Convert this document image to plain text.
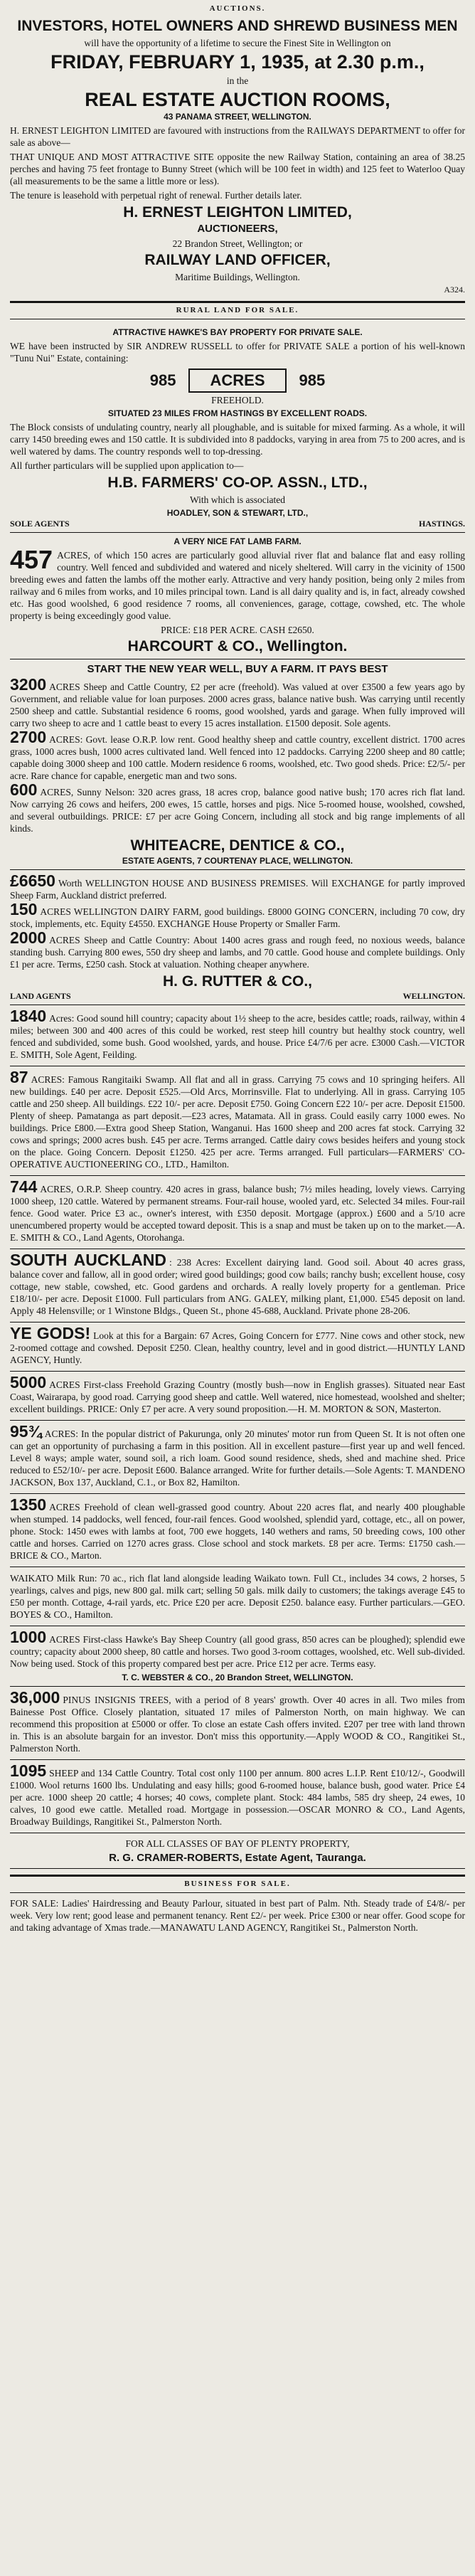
AUCTIONS.
INVESTORS, HOTEL OWNERS AND SHREWD BUSINESS MEN
will have the opportunity of a lifetime to secure the Finest Site in Wellington on
FRIDAY, FEBRUARY 1, 1935, at 2.30 p.m.,
in the
REAL ESTATE AUCTION ROOMS,
43 PANAMA STREET, WELLINGTON.

H. ERNEST LEIGHTON LIMITED are favoured with instructions from the RAILWAYS DEPARTMENT to offer for sale as above—

THAT UNIQUE AND MOST ATTRACTIVE SITE opposite the new Railway Station, containing an area of 38.25 perches and having 75 feet frontage to Bunny Street (which will be 100 feet in width) and 125 feet to Waterloo Quay (all measurements to be the same a little more or less).

The tenure is leasehold with perpetual right of renewal. Further details later.

H. ERNEST LEIGHTON LIMITED,
AUCTIONEERS,
22 Brandon Street, Wellington; or
RAILWAY LAND OFFICER,
Maritime Buildings, Wellington.
A324.
RURAL LAND FOR SALE.
ATTRACTIVE HAWKE'S BAY PROPERTY FOR PRIVATE SALE.

WE have been instructed by SIR ANDREW RUSSELL to offer for PRIVATE SALE a portion of his well-known "Tunu Nui" Estate, containing:

985	ACRES	985
FREEHOLD.
SITUATED 23 MILES FROM HASTINGS BY EXCELLENT ROADS.

The Block consists of undulating country, nearly all ploughable, and is suitable for mixed farming. As a whole, it will carry 1450 breeding ewes and 150 cattle. It is subdivided into 8 paddocks, varying in area from 75 to 200 acres, and is well watered by dams. The country responds well to top-dressing.

All further particulars will be supplied upon application to—

H.B. FARMERS' CO-OP. ASSN., LTD.,
With which is associated
HOADLEY, SON & STEWART, LTD.,
SOLE AGENTS	HASTINGS.
A VERY NICE FAT LAMB FARM.

457 ACRES, of which 150 acres are particularly good alluvial river flat and balance flat and easy rolling country. Well fenced and subdivided and watered and nicely sheltered. Will carry in the vicinity of 1500 breeding ewes and fatten the lambs off the mother early. Attractive and very handy position, being only 2 miles from railway and 6 miles from works, and 10 miles principal town. Land is all dairy quality and is, in fact, already cowshed etc. Has good woolshed, 6 good residence 7 rooms, all conveniences, garage, cottage, cowshed, etc. The whole property is being exceedingly good value.

PRICE: £18 PER ACRE. CASH £2650.
HARCOURT & CO., Wellington.
START THE NEW YEAR WELL, BUY A FARM. IT PAYS BEST

3200 ACRES Sheep and Cattle Country, £2 per acre (freehold). Was valued at over £3500 a few years ago by Government, and reliable value for loan purposes. 2000 acres grass, balance native bush. Was carrying until recently 2500 sheep and cattle. Substantial residence 6 rooms, good woolshed, yards and garage. When fully improved will carry two sheep to acre and 1 cattle beast to every 15 acres installation. £1500 deposit. Sole agents.

2700 ACRES: Govt. lease O.R.P. low rent. Good healthy sheep and cattle country, excellent district. 1700 acres grass, 1000 acres bush, 1000 acres cultivated land. Well fenced into 12 paddocks. Carrying 2200 sheep and 80 cattle; capable doing 3000 sheep and 100 cattle. Modern residence 6 rooms, woolshed, etc. Two good sheds. Price: £2/5/- per acre. Rare chance for capable, energetic man and two sons.

600 ACRES, Sunny Nelson: 320 acres grass, 18 acres crop, balance good native bush; 170 acres rich flat land. Now carrying 26 cows and heifers, 200 ewes, 15 cattle, horses and pigs. Nice 5-roomed house, woolshed, cowshed, and several outbuildings. PRICE: £7 per acre Going Concern, including all stock and big range implements of all kinds.

WHITEACRE, DENTICE & CO.,
ESTATE AGENTS, 7 COURTENAY PLACE, WELLINGTON.

£6650 Worth WELLINGTON HOUSE AND BUSINESS PREMISES. Will EXCHANGE for partly improved Sheep Farm, Auckland district preferred.

150 ACRES WELLINGTON DAIRY FARM, good buildings. £8000 GOING CONCERN, including 70 cow, dry stock, implements, etc. Equity £4550. EXCHANGE House Property or Smaller Farm.

2000 ACRES Sheep and Cattle Country: About 1400 acres grass and rough feed, no noxious weeds, balance standing bush. Carrying 800 ewes, 550 dry sheep and lambs, and 70 cattle. Good house and complete buildings. Only £1 per acre. Terms, £250 cash. Stock at valuation. Nothing cheaper anywhere.

H. G. RUTTER & CO.,
LAND AGENTS	WELLINGTON.

1840 Acres: Good sound hill country; capacity about 1½ sheep to the acre, besides cattle; roads, railway, within 4 miles; between 300 and 400 acres of this could be worked, rest steep hill country but healthy stock country, well fenced and subdivided, some bush. Good woolshed, yards, and house. Price £4/7/6 per acre. £3000 Cash.—VICTOR E. SMITH, Sole Agent, Feilding.

87 ACRES: Famous Rangitaiki Swamp. All flat and all in grass. Carrying 75 cows and 10 springing heifers. All new buildings. £40 per acre. Deposit £525.—Old Arcs, Morrinsville. Flat to underlying. All in grass. Carrying 105 cattle and 250 sheep. All buildings. £22 10/- per acre. Deposit £750. Going Concern £22 10/- per acre. Deposit £1500. Plenty of sheep. Pamatanga as part deposit.—£23 acres, Matamata. All in grass. Could easily carry 1000 ewes. No buildings. Price £800.—Extra good Sheep Station, Wanganui. Has 1600 sheep and 200 acres fat stock. Carrying 32 cows and springs; 2000 acres bush. £45 per acre. Terms arranged. Cattle dairy cows besides heifers and young stock on the place. Going Concern. Deposit £1250. 425 per acre. Terms arranged. Full particulars—FARMERS' CO-OPERATIVE AUCTIONEERING CO., LTD., Hamilton.

744 ACRES, O.R.P. Sheep country. 420 acres in grass, balance bush; 7½ miles heading, lovely views. Carrying 1000 sheep, 120 cattle. Watered by permanent streams. Four-rail house, wooled yard, etc. Selected 34 miles. Four-rail fence. Good water. Price £3 ac., owner's interest, with £350 deposit. Mortgage (approx.) £600 and a 5/10 acre unencumbered property would be accepted toward deposit. This is a snap and must be taken up on to the market.—A. E. SMITH & CO., Land Agents, Otorohanga.

SOUTH AUCKLAND : 238 Acres: Excellent dairying land. Good soil. About 40 acres grass, balance cover and fallow, all in good order; wired good buildings; good cow bails; ranchy bush; excellent house, cosy cottage, new stable, cowshed, etc. Good gardens and orchards. A really lovely property for a gentleman. Price £18/10/- per acre. Deposit £1000. Full particulars from ANG. GALEY, milking plant, £1,000. £545 deposit on land. Apply 48 Helensville; or 1 Winstone Bldgs., Queen St., phone 45-688, Auckland. Private phone 28-206.

YE GODS! Look at this for a Bargain: 67 Acres, Going Concern for £777. Nine cows and other stock, new 2-roomed cottage and cowshed. Deposit £250. Clean, healthy country, level and in good district.—HUNTLY LAND AGENCY, Huntly.

5000 ACRES First-class Freehold Grazing Country (mostly bush—now in English grasses). Situated near East Coast, Wairarapa, by good road. Carrying good sheep and cattle. Well watered, nice homestead, woolshed and shelter; excellent buildings. PRICE: Only £7 per acre. A very sound proposition.—H. M. MORTON & SON, Masterton.

95¾ ACRES: In the popular district of Pakurunga, only 20 minutes' motor run from Queen St. It is not often one can get an opportunity of purchasing a farm in this position. All in excellent pasture—first year up and well fenced. Level 8 ways; ample water, sound soil, a rich loam. Good sound residence, sheds, shed and machine shed. Price reduced to £52/10/- per acre. Deposit £600. Balance arranged. Write for further details.—Sole Agents: T. MANDENO JACKSON, Box 137, Auckland, C.1., or Box 82, Hamilton.

1350 ACRES Freehold of clean well-grassed good country. About 220 acres flat, and nearly 400 ploughable when stumped. 14 paddocks, well fenced, four-rail fences. Good woolshed, splendid yard, cottage, etc., all on power, phone. Stock: 1450 ewes with lambs at foot, 700 ewe hoggets, 140 wethers and rams, 50 breeding cows, 100 other cattle and horses. Carried on 1270 acres grass. Close school and stock markets. £8 per acre. Terms: £1750 cash.—BRICE & CO., Marton.

WAIKATO Milk Run: 70 ac., rich flat land alongside leading Waikato town. Full Ct., includes 34 cows, 2 horses, 5 yearlings, calves and pigs, new 800 gal. milk cart; selling 50 gals. milk daily to customers; the takings average £45 to £50 per month. Cottage, 4-rail yards, etc. Price £20 per acre. Deposit £250. balance easy. Further particulars.—GEO. BOYES & CO., Hamilton.

1000 ACRES First-class Hawke's Bay Sheep Country (all good grass, 850 acres can be ploughed); splendid ewe country; capacity about 2000 sheep, 80 cattle and horses. Two good 3-room cottages, woolshed, etc. Well sub-divided. Now being used. Stock of this property compared best per acre. Price £12 per acre. Terms easy.

T. C. WEBSTER & CO., 20 Brandon Street, WELLINGTON.

36,000 PINUS INSIGNIS TREES, with a period of 8 years' growth. Over 40 acres in all. Two miles from Bainesse Post Office. Closely plantation, situated 17 miles of Palmerston North, on main highway. We can recommend this proposition at £5000 or offer. To close an estate Cash offers invited. £207 per tree with land thrown in. This is an absolute bargain for an investor. Don't miss this opportunity.—Apply WOOD & CO., Rangitikei St., Palmerston North.

1095 SHEEP and 134 Cattle Country. Total cost only 1100 per annum. 800 acres L.I.P. Rent £10/12/-, Goodwill £1000. Wool returns 1600 lbs. Undulating and easy hills; good 6-roomed house, balance bush, good water. Price £4 per acre. 1000 sheep 20 cattle; 4 horses; 40 cows, complete plant. Stock: 484 lambs, 585 dry sheep, 24 ewes, 10 calves, 10 good ewe cattle. Metalled road. Mortgage in possession.—OSCAR MONRO & CO., Land Agents, Broadway Buildings, Rangitikei St., Palmerston North.

FOR ALL CLASSES OF BAY OF PLENTY PROPERTY,
R. G. CRAMER-ROBERTS, Estate Agent, Tauranga.
BUSINESS FOR SALE.

FOR SALE: Ladies' Hairdressing and Beauty Parlour, situated in best part of Palm. Nth. Steady trade of £4/8/- per week. Very low rent; good lease and permanent tenancy. Rent £2/- per week. Price £300 or near offer. Good scope for and taking advantage of Xmas trade.—MANAWATU LAND AGENCY, Rangitikei St., Palmerston North.
